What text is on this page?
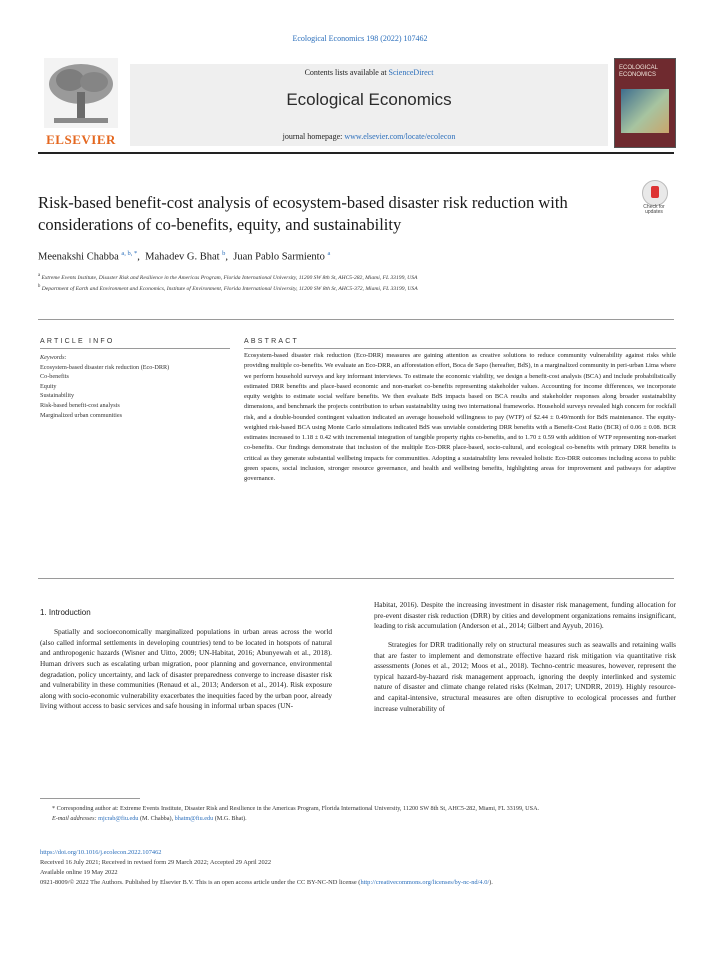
Ecological Economics 198 (2022) 107462
ELSEVIER
Contents lists available at ScienceDirect
Ecological Economics
journal homepage: www.elsevier.com/locate/ecolecon
ECOLOGICAL ECONOMICS
Risk-based benefit-cost analysis of ecosystem-based disaster risk reduction with considerations of co-benefits, equity, and sustainability
Check for updates
Meenakshi Chabba $^{a, b, *}$,  Mahadev G. Bhat $^b$,  Juan Pablo Sarmiento $^a$
$^a$ Extreme Events Institute, Disaster Risk and Resilience in the Americas Program, Florida International University, 11200 SW 8th St, AHC5-282, Miami, FL 33199, USA
$^b$ Department of Earth and Environment and Economics, Institute of Environment, Florida International University, 11200 SW 8th St, AHC5-372, Miami, FL 33199, USA
ARTICLE INFO
Keywords:
Ecosystem-based disaster risk reduction (Eco-DRR)
Co-benefits
Equity
Sustainability
Risk-based benefit-cost analysis
Marginalized urban communities
ABSTRACT
Ecosystem-based disaster risk reduction (Eco-DRR) measures are gaining attention as creative solutions to reduce community vulnerability against risks while providing multiple co-benefits. We evaluate an Eco-DRR, an afforestation effort, Boca de Sapo (hereafter, BdS), in a marginalized community in peri-urban Lima where we perform household surveys and key informant interviews. To estimate the economic viability, we design a benefit-cost analysis (BCA) and include probabilistically estimated DRR benefits and place-based economic and non-market co-benefits representing stakeholder values. Accounting for income differences, we incorporate equity weights to estimate social welfare benefits. We then evaluate BdS impacts based on BCA results and stakeholder responses along broader sustainability dimensions, and benchmark the projects contribution to urban sustainability using two international frameworks. Household surveys revealed high concern for rockfall risk, and a double-bounded contingent valuation indicated an average household willingness to pay (WTP) of $2.44 ± 0.49/month for BdS maintenance. The equity-weighted risk-based BCA using Monte Carlo simulations indicated BdS was unviable considering DRR benefits with a Benefit-Cost Ratio (BCR) of 0.06 ± 0.08. BCR estimates increased to 1.18 ± 0.42 with incremental integration of tangible property rights co-benefits, and to 1.70 ± 0.59 with addition of WTP representing non-market co-benefits. Our findings demonstrate that inclusion of the multiple Eco-DRR place-based, socio-cultural, and ecological co-benefits with primary DRR benefits is critical as they generate substantial wellbeing impacts for communities. Adopting a sustainability lens revealed holistic Eco-DRR outcomes including access to public green spaces, social inclusion, stronger resource governance, and health and wellbeing benefits, highlighting areas for improvement and pathways for adaptive governance.
1. Introduction

Spatially and socioeconomically marginalized populations in urban areas across the world (also called informal settlements in developing countries) tend to be located in hotspots of natural and anthropogenic hazards (Wisner and Uitto, 2009; UN-Habitat, 2016; Abunyewah et al., 2018). Human drivers such as escalating urban migration, poor planning and governance, environmental degradation, policy uncertainty, and lack of disaster preparedness converge to increase disaster risk and vulnerability in these communities (Renaud et al., 2013; Anderson et al., 2014). Risk exposure along with socio-economic vulnerability exacerbates the inequities faced by the urban poor, already living without access to basic services and safe housing in informal urban spaces (UN-

Habitat, 2016). Despite the increasing investment in disaster risk management, funding allocation for pre-event disaster risk reduction (DRR) by cities and development organizations remains insignificant, leading to risk accumulation (Anderson et al., 2014; Gilbert and Ayyub, 2016).

Strategies for DRR traditionally rely on structural measures such as seawalls and retaining walls that are faster to implement and demonstrate effective hazard risk mitigation via quantitative risk assessments (Jones et al., 2012; Moos et al., 2018). Techno-centric measures, however, represent the typical hazard-by-hazard risk management approach, ignoring the deeply interlinked and systemic nature of disaster and climate change related risks (Kelman, 2017; UNDRR, 2019). Highly resource- and capital-intensive, structural measures are often disruptive to ecological processes and further increase vulnerability of

* Corresponding author at: Extreme Events Institute, Disaster Risk and Resilience in the Americas Program, Florida International University, 11200 SW 8th St, AHC5-282, Miami, FL 33199, USA.

E-mail addresses: mjcrab@fiu.edu (M. Chabba), bhatm@fiu.edu (M.G. Bhat).

https://doi.org/10.1016/j.ecolecon.2022.107462

Received 16 July 2021; Received in revised form 29 March 2022; Accepted 29 April 2022

Available online 19 May 2022

0921-8009/© 2022 The Authors. Published by Elsevier B.V. This is an open access article under the CC BY-NC-ND license (http://creativecommons.org/licenses/by-nc-nd/4.0/).
